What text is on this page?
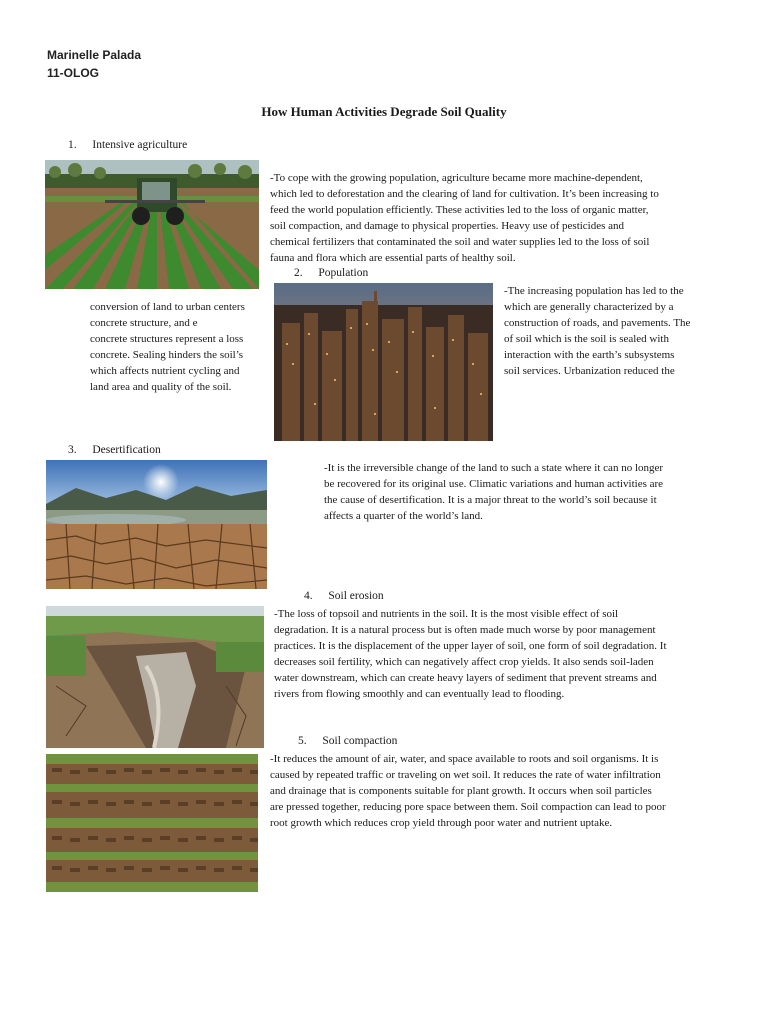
Marinelle Palada
11-OLOG
How Human Activities Degrade Soil Quality
1. Intensive agriculture

-To cope with the growing population, agriculture became more machine-dependent,

which led to deforestation and the clearing of land for cultivation. It’s been increasing to

feed the world population efficiently. These activities led to the loss of organic matter,

soil compaction, and damage to physical properties. Heavy use of pesticides and

chemical fertilizers that contaminated the soil and water supplies led to the loss of soil

fauna and flora which are essential parts of healthy soil.

2. Population

conversion of land to urban centers

concrete structure, and e

concrete structures represent a loss

concrete. Sealing hinders the soil’s

which affects nutrient cycling and

land area and quality of the soil.

-The increasing population has led to the

which are generally characterized by a

construction of roads, and pavements. The

of soil which is the soil is sealed with

interaction with the earth’s subsystems

soil services. Urbanization reduced the

3. Desertification

-It is the irreversible change of the land to such a state where it can no longer

be recovered for its original use. Climatic variations and human activities are

the cause of desertification. It is a major threat to the world’s soil because it

affects a quarter of the world’s land.

4. Soil erosion

-The loss of topsoil and nutrients in the soil. It is the most visible effect of soil

degradation. It is a natural process but is often made much worse by poor management

practices. It is the displacement of the upper layer of soil, one form of soil degradation. It

decreases soil fertility, which can negatively affect crop yields. It also sends soil-laden

water downstream, which can create heavy layers of sediment that prevent streams and

rivers from flowing smoothly and can eventually lead to flooding.

5. Soil compaction

-It reduces the amount of air, water, and space available to roots and soil organisms. It is

caused by repeated traffic or traveling on wet soil. It reduces the rate of water infiltration

and drainage that is components suitable for plant growth. It occurs when soil particles

are pressed together, reducing pore space between them. Soil compaction can lead to poor

root growth which reduces crop yield through poor water and nutrient uptake.
